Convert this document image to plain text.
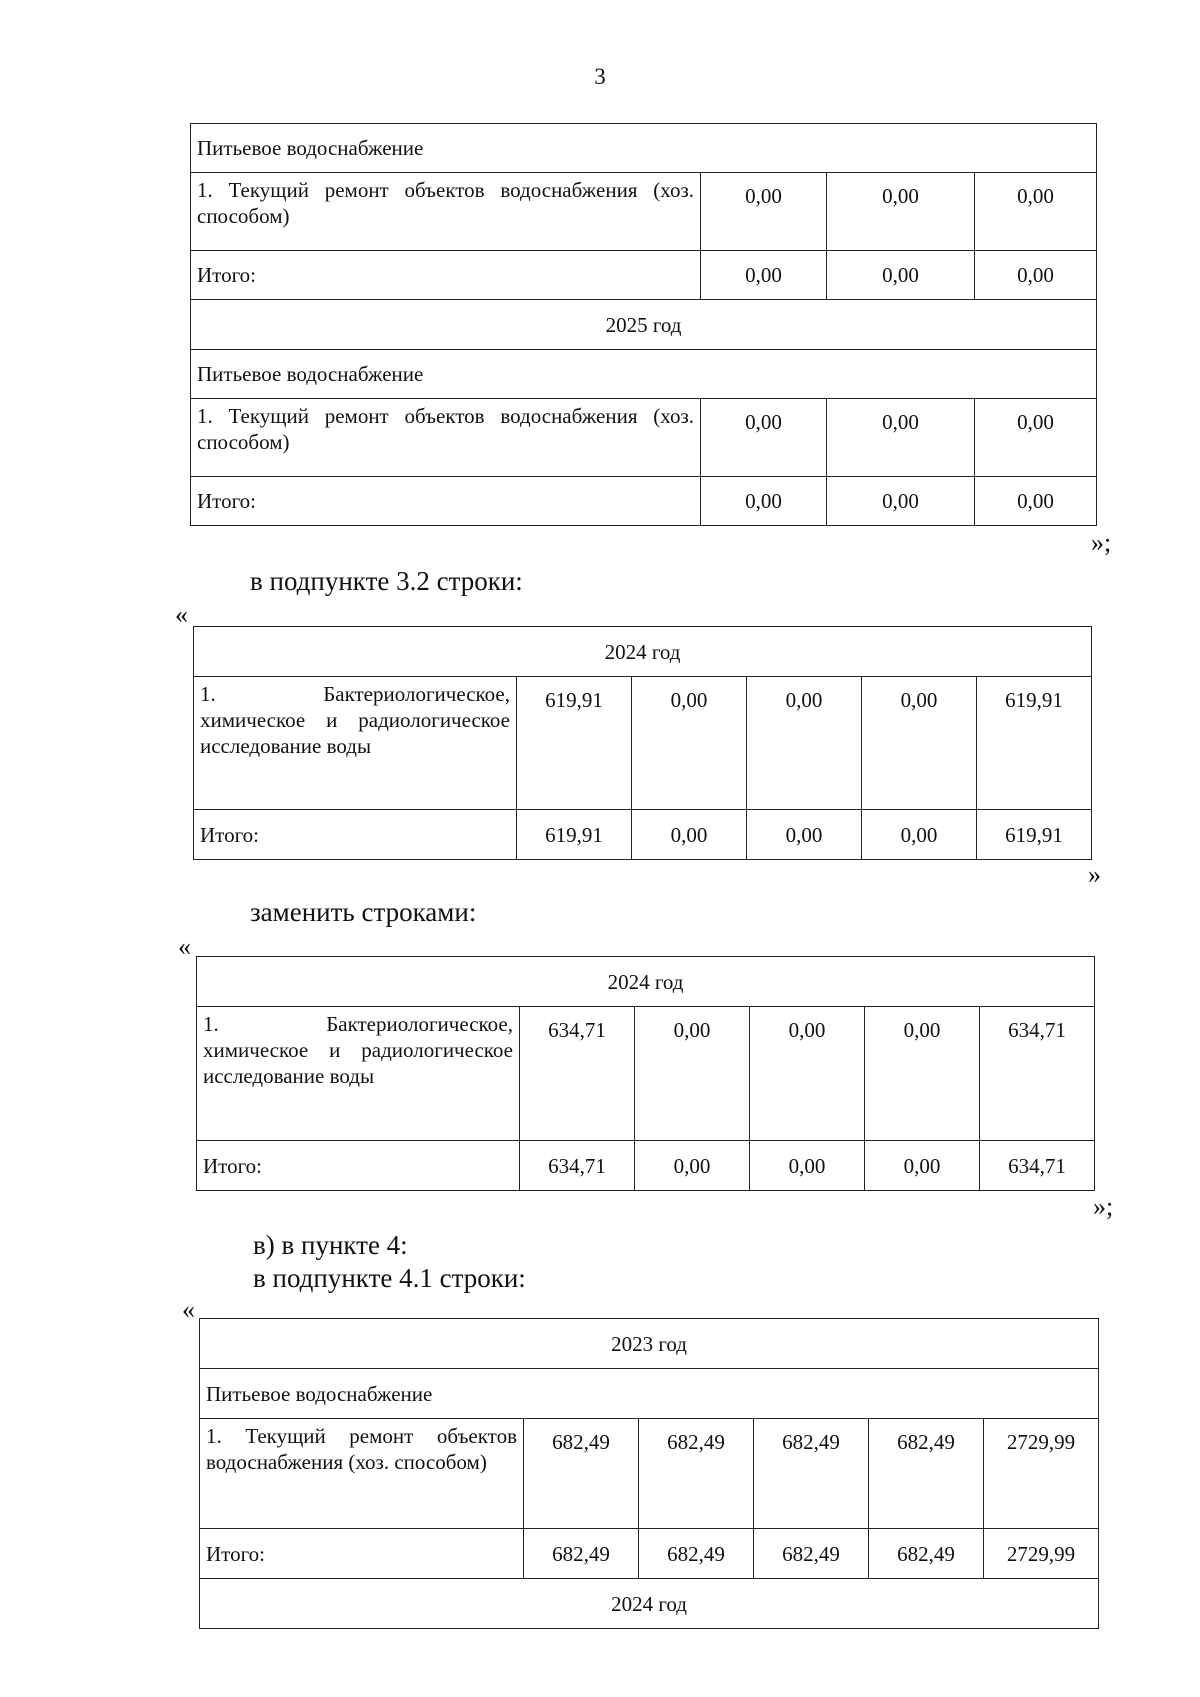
3
Питьевое водоснабжение			
1. Текущий ремонт объектов водоснабжения (хоз. способом)	0,00	0,00	0,00
Итого:	0,00	0,00	0,00
2025 год			
Питьевое водоснабжение			
1. Текущий ремонт объектов водоснабжения (хоз. способом)	0,00	0,00	0,00
Итого:	0,00	0,00	0,00
»;
в подпункте 3.2 строки:
«
2024 год					
1. Бактериологическое, химическое и радиологическое исследование воды	619,91	0,00	0,00	0,00	619,91
Итого:	619,91	0,00	0,00	0,00	619,91
»
заменить строками:
«
2024 год					
1. Бактериологическое, химическое и радиологическое исследование воды	634,71	0,00	0,00	0,00	634,71
Итого:	634,71	0,00	0,00	0,00	634,71
»;
в) в пункте 4:
в подпункте 4.1 строки:
«
2023 год					
Питьевое водоснабжение					
1. Текущий ремонт объектов водоснабжения (хоз. способом)	682,49	682,49	682,49	682,49	2729,99
Итого:	682,49	682,49	682,49	682,49	2729,99
2024 год					
